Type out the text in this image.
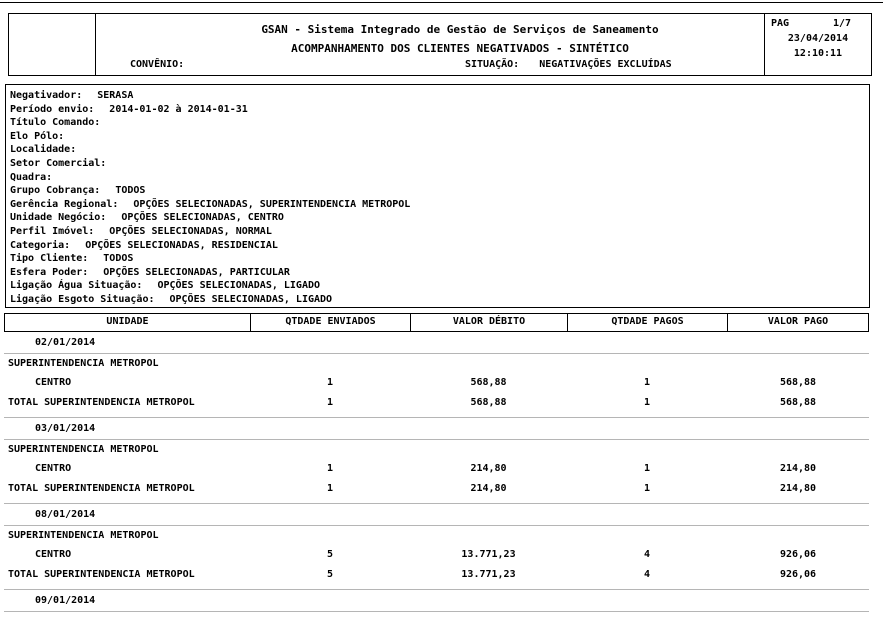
GSAN - Sistema Integrado de Gestão de Serviços de Saneamento
ACOMPANHAMENTO DOS CLIENTES NEGATIVADOS - SINTÉTICO
CONVÊNIO:	SITUAÇÃO: NEGATIVAÇÕES EXCLUÍDAS
PAG	1/7
23/04/2014
12:10:11
Negativador: SERASA
Período envio: 2014-01-02 à 2014-01-31
Título Comando:
Elo Pólo:
Localidade:
Setor Comercial:
Quadra:
Grupo Cobrança: TODOS
Gerência Regional: OPÇÕES SELECIONADAS, SUPERINTENDENCIA METROPOL
Unidade Negócio: OPÇÕES SELECIONADAS, CENTRO
Perfil Imóvel: OPÇÕES SELECIONADAS, NORMAL
Categoria: OPÇÕES SELECIONADAS, RESIDENCIAL
Tipo Cliente: TODOS
Esfera Poder: OPÇÕES SELECIONADAS, PARTICULAR
Ligação Água Situação: OPÇÕES SELECIONADAS, LIGADO
Ligação Esgoto Situação: OPÇÕES SELECIONADAS, LIGADO
UNIDADE	QTDADE ENVIADOS	VALOR DÉBITO	QTDADE PAGOS	VALOR PAGO
02/01/2014
SUPERINTENDENCIA METROPOL
CENTRO	1	568,88	1	568,88
TOTAL SUPERINTENDENCIA METROPOL	1	568,88	1	568,88
03/01/2014
SUPERINTENDENCIA METROPOL
CENTRO	1	214,80	1	214,80
TOTAL SUPERINTENDENCIA METROPOL	1	214,80	1	214,80
08/01/2014
SUPERINTENDENCIA METROPOL
CENTRO	5	13.771,23	4	926,06
TOTAL SUPERINTENDENCIA METROPOL	5	13.771,23	4	926,06
09/01/2014
